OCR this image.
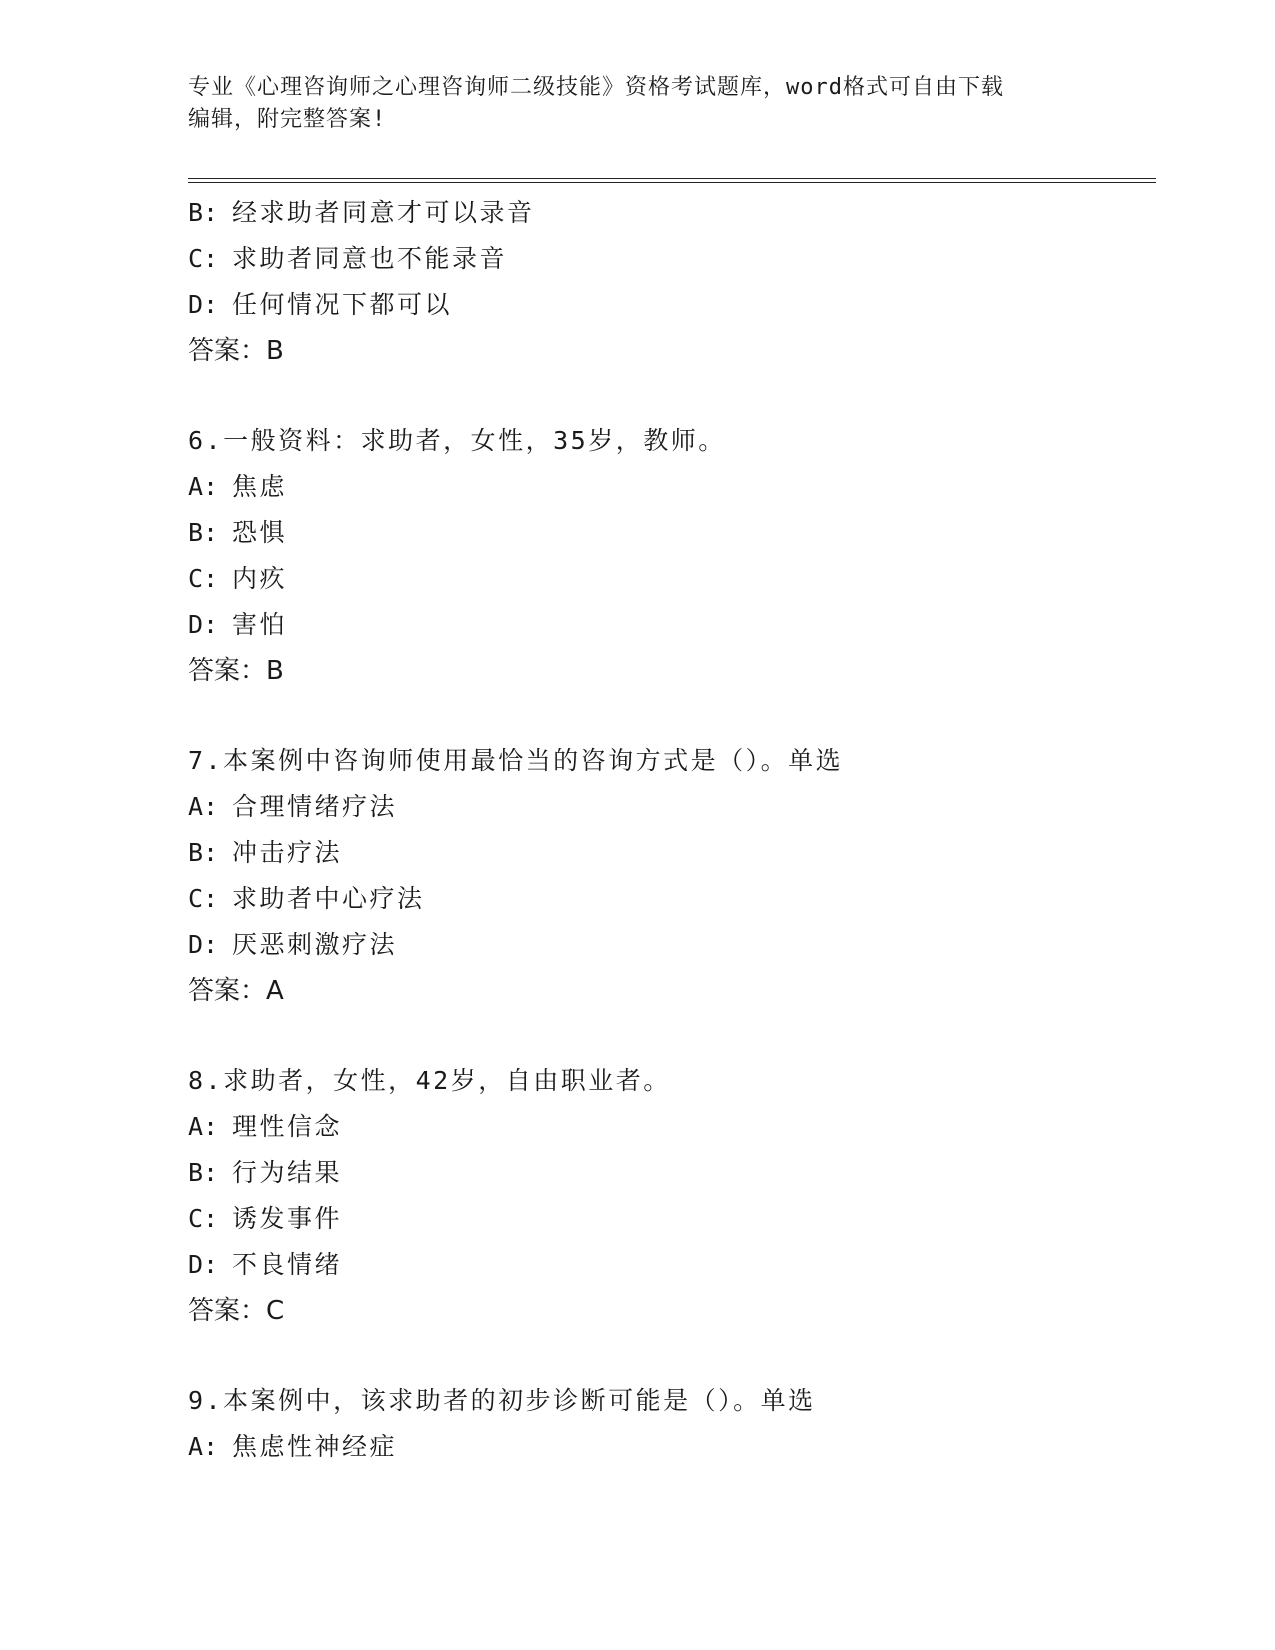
专业《心理咨询师之心理咨询师二级技能》资格考试题库，word格式可自由下载
编辑，附完整答案!
B: 经求助者同意才可以录音
C: 求助者同意也不能录音
D: 任何情况下都可以
答案：B
6.一般资料：求助者，女性，35岁，教师。
A: 焦虑
B: 恐惧
C: 内疚
D: 害怕
答案：B
7.本案例中咨询师使用最恰当的咨询方式是（）。单选
A: 合理情绪疗法
B: 冲击疗法
C: 求助者中心疗法
D: 厌恶刺激疗法
答案：A
8.求助者，女性，42岁，自由职业者。
A: 理性信念
B: 行为结果
C: 诱发事件
D: 不良情绪
答案：C
9.本案例中，该求助者的初步诊断可能是（）。单选
A: 焦虑性神经症
